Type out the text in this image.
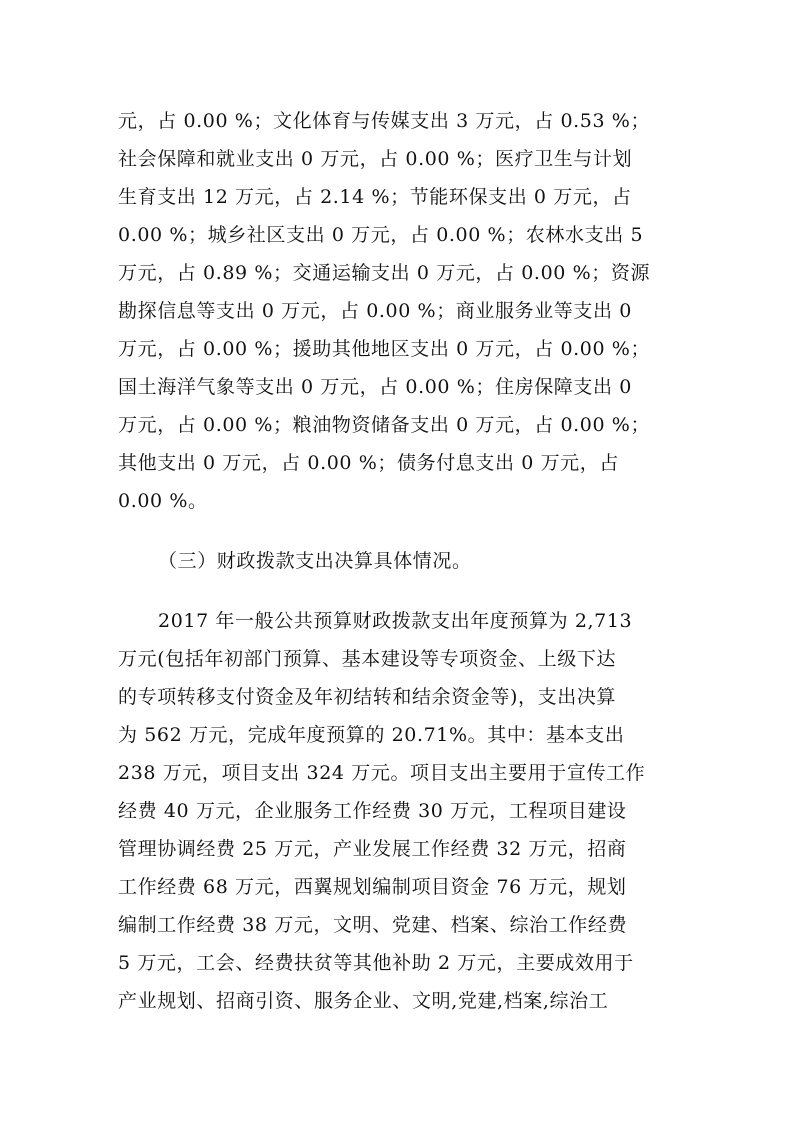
元，占 0.00 %；文化体育与传媒支出 3 万元，占 0.53 %；
社会保障和就业支出 0 万元，占 0.00 %；医疗卫生与计划
生育支出 12 万元，占 2.14 %；节能环保支出 0 万元，占
0.00 %；城乡社区支出 0 万元，占 0.00 %；农林水支出 5
万元，占 0.89 %；交通运输支出 0 万元，占 0.00 %；资源
勘探信息等支出 0 万元，占 0.00 %；商业服务业等支出 0
万元，占 0.00 %；援助其他地区支出 0 万元，占 0.00 %；
国土海洋气象等支出 0 万元，占 0.00 %；住房保障支出 0
万元，占 0.00 %；粮油物资储备支出 0 万元，占 0.00 %；
其他支出 0 万元，占 0.00 %；债务付息支出 0 万元，占
0.00 %。
（三）财政拨款支出决算具体情况。
2017 年一般公共预算财政拨款支出年度预算为 2,713
万元(包括年初部门预算、基本建设等专项资金、上级下达
的专项转移支付资金及年初结转和结余资金等)，支出决算
为 562 万元，完成年度预算的 20.71%。其中：基本支出
238 万元，项目支出 324 万元。项目支出主要用于宣传工作
经费 40 万元，企业服务工作经费 30 万元，工程项目建设
管理协调经费 25 万元，产业发展工作经费 32 万元，招商
工作经费 68 万元，西翼规划编制项目资金 76 万元，规划
编制工作经费 38 万元，文明、党建、档案、综治工作经费
5 万元，工会、经费扶贫等其他补助 2 万元，主要成效用于
产业规划、招商引资、服务企业、文明,党建,档案,综治工
